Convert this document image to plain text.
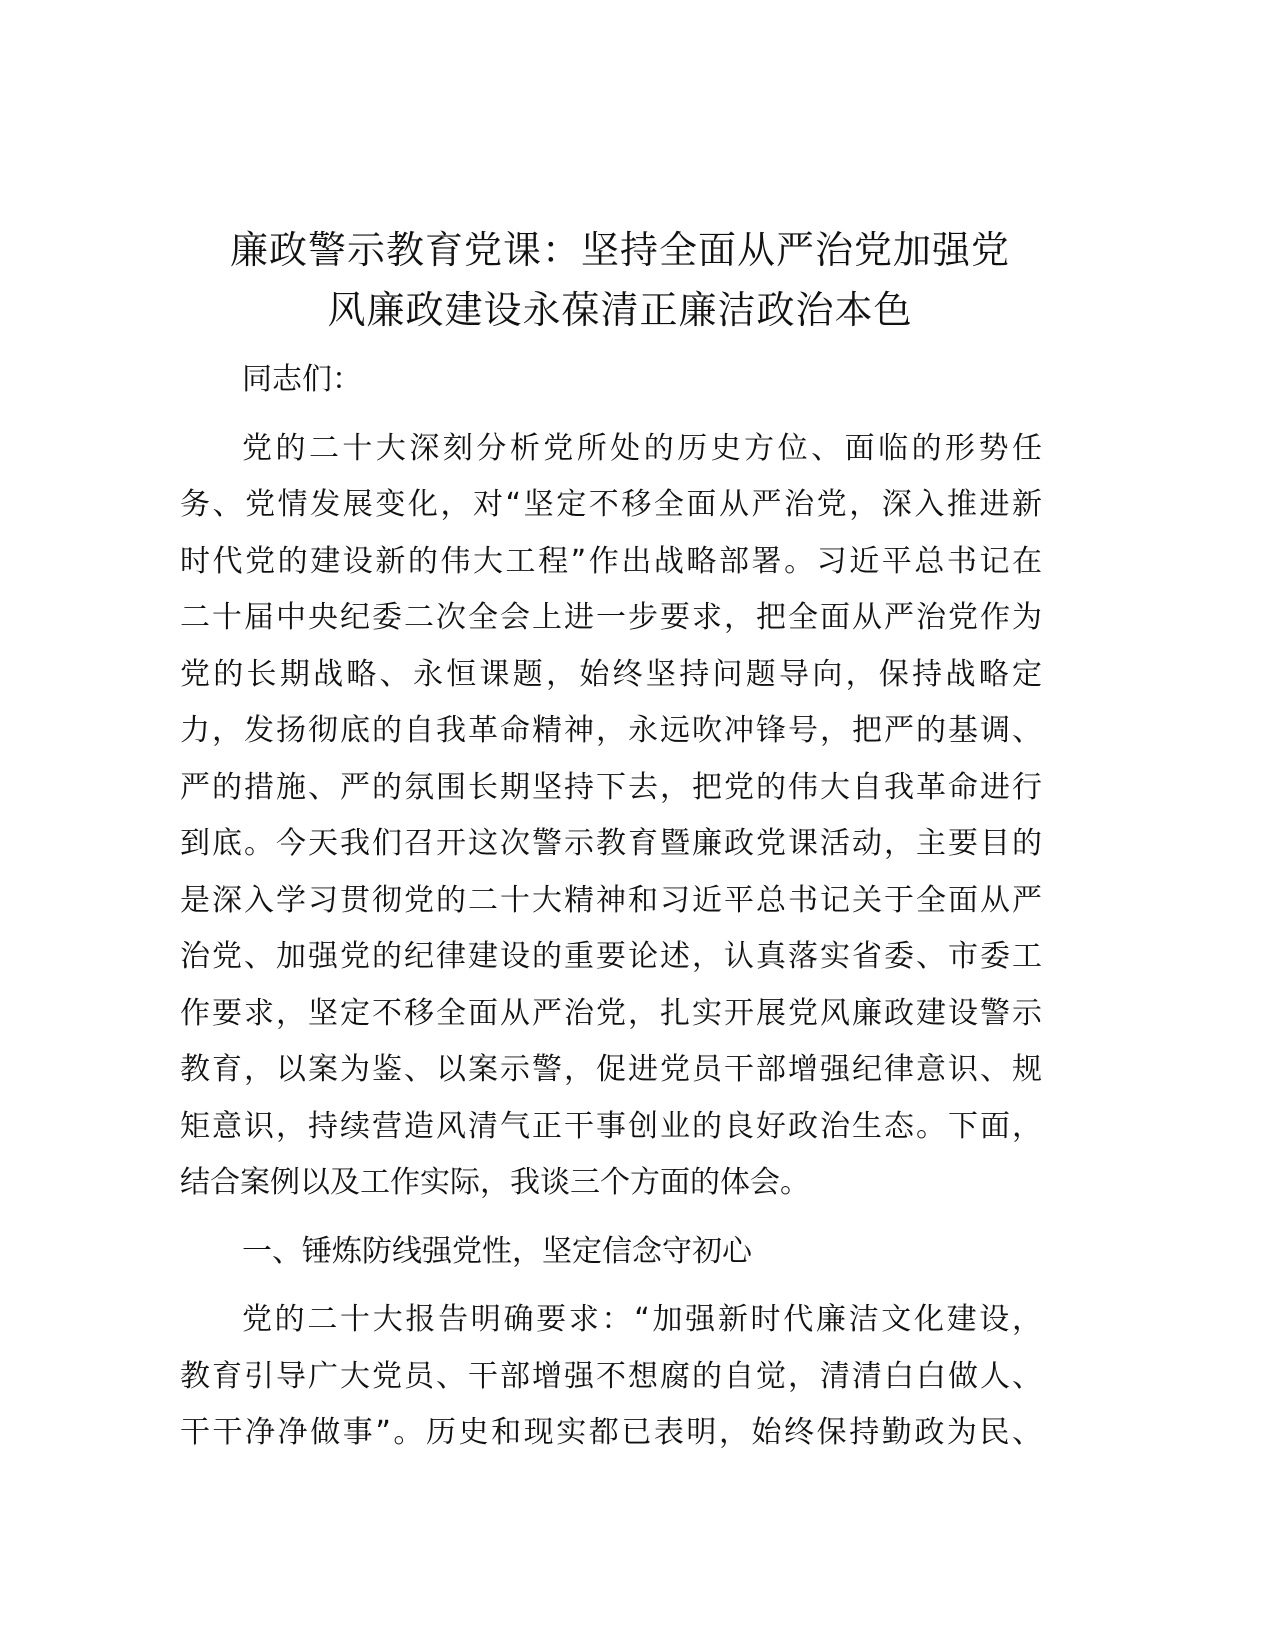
廉政警示教育党课：坚持全面从严治党加强党
风廉政建设永葆清正廉洁政治本色
同志们：
党的二十大深刻分析党所处的历史方位、面临的形势任
务、党情发展变化，对“坚定不移全面从严治党，深入推进新
时代党的建设新的伟大工程”作出战略部署。习近平总书记在
二十届中央纪委二次全会上进一步要求，把全面从严治党作为
党的长期战略、永恒课题，始终坚持问题导向，保持战略定
力，发扬彻底的自我革命精神，永远吹冲锋号，把严的基调、
严的措施、严的氛围长期坚持下去，把党的伟大自我革命进行
到底。今天我们召开这次警示教育暨廉政党课活动，主要目的
是深入学习贯彻党的二十大精神和习近平总书记关于全面从严
治党、加强党的纪律建设的重要论述，认真落实省委、市委工
作要求，坚定不移全面从严治党，扎实开展党风廉政建设警示
教育，以案为鉴、以案示警，促进党员干部增强纪律意识、规
矩意识，持续营造风清气正干事创业的良好政治生态。下面，
结合案例以及工作实际，我谈三个方面的体会。
一、锤炼防线强党性，坚定信念守初心
党的二十大报告明确要求：“加强新时代廉洁文化建设，
教育引导广大党员、干部增强不想腐的自觉，清清白白做人、
干干净净做事”。历史和现实都已表明，始终保持勤政为民、
